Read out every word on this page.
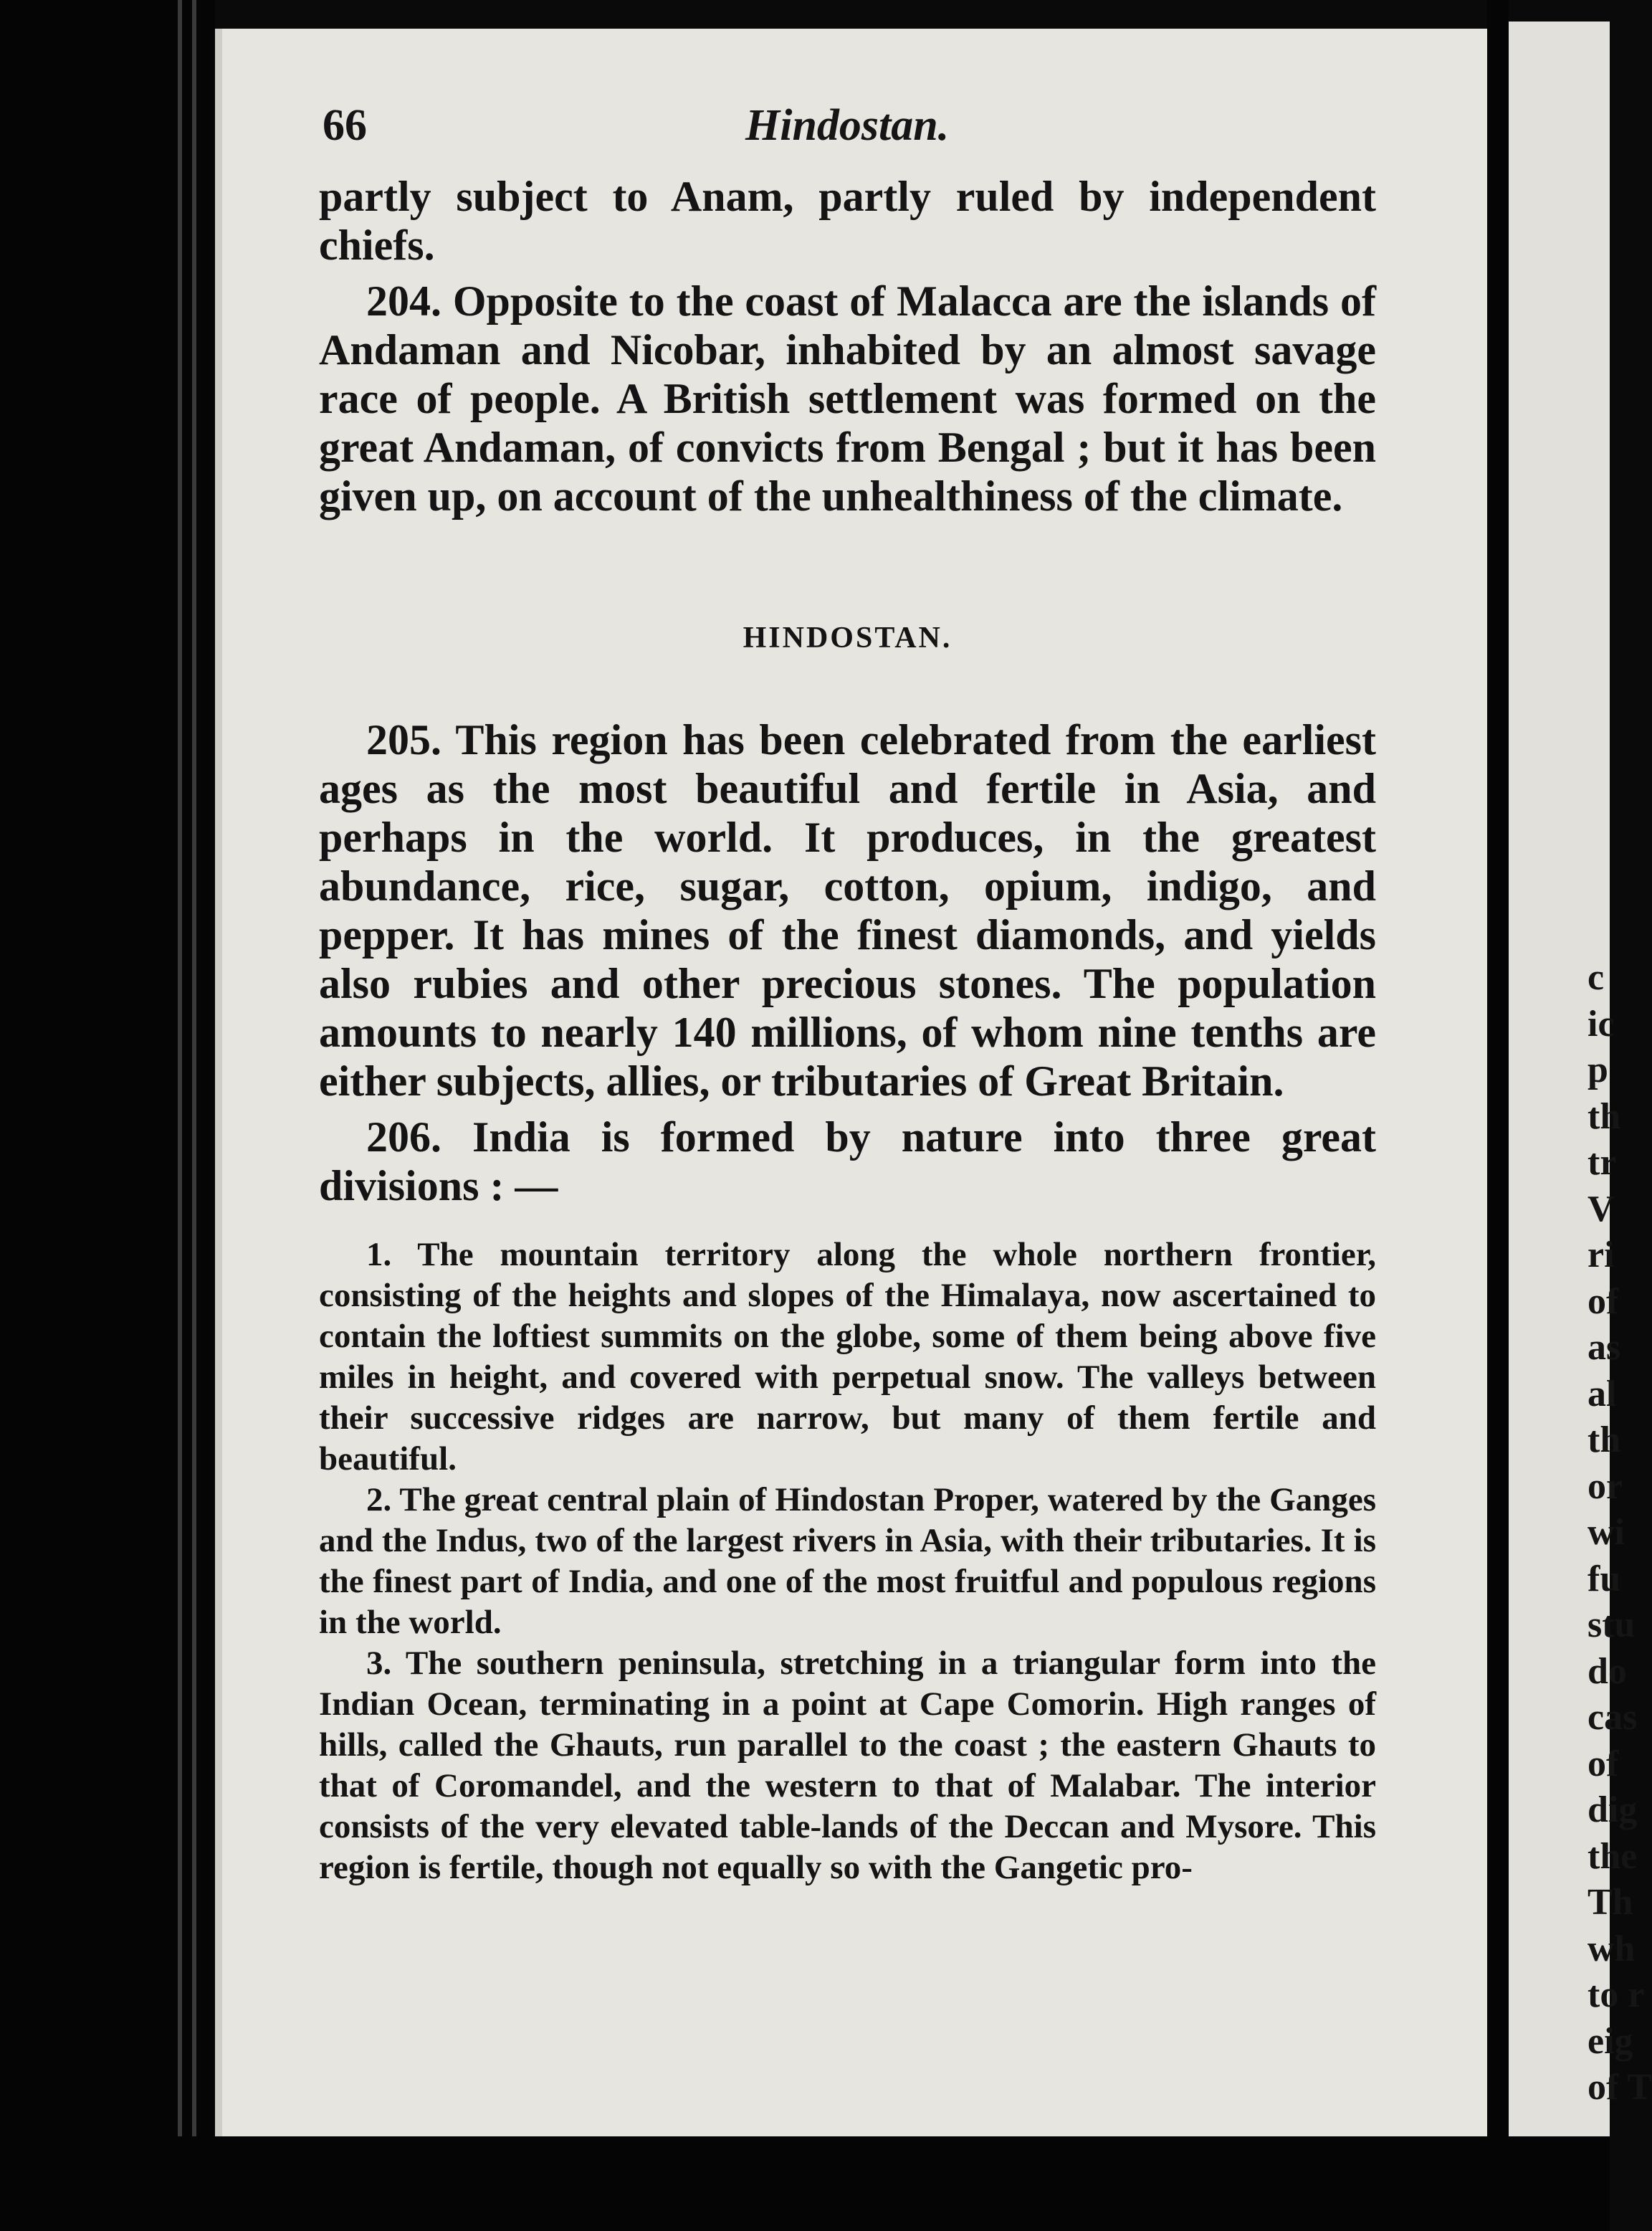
c
ic
p
th
tr
V
ri
of
as
al
th
or
wi
fu
stu
do
cas
of
dig
the
Th
wh
to r
eig
of T
66	Hindostan.

partly subject to Anam, partly ruled by independent chiefs.

204. Opposite to the coast of Malacca are the islands of Andaman and Nicobar, inhabited by an almost savage race of people. A British settlement was formed on the great Andaman, of convicts from Bengal ; but it has been given up, on account of the unhealthiness of the climate.

HINDOSTAN.

205. This region has been celebrated from the earliest ages as the most beautiful and fertile in Asia, and perhaps in the world. It produces, in the greatest abundance, rice, sugar, cotton, opium, indigo, and pepper. It has mines of the finest diamonds, and yields also rubies and other precious stones. The population amounts to nearly 140 millions, of whom nine tenths are either subjects, allies, or tributaries of Great Britain.

206. India is formed by nature into three great divisions : —

1. The mountain territory along the whole northern frontier, consisting of the heights and slopes of the Himalaya, now ascertained to contain the loftiest summits on the globe, some of them being above five miles in height, and covered with perpetual snow. The valleys between their successive ridges are narrow, but many of them fertile and beautiful.

2. The great central plain of Hindostan Proper, watered by the Ganges and the Indus, two of the largest rivers in Asia, with their tributaries. It is the finest part of India, and one of the most fruitful and populous regions in the world.

3. The southern peninsula, stretching in a triangular form into the Indian Ocean, terminating in a point at Cape Comorin. High ranges of hills, called the Ghauts, run parallel to the coast ; the eastern Ghauts to that of Coromandel, and the western to that of Malabar. The interior consists of the very elevated table-lands of the Deccan and Mysore. This region is fertile, though not equally so with the Gangetic pro-
